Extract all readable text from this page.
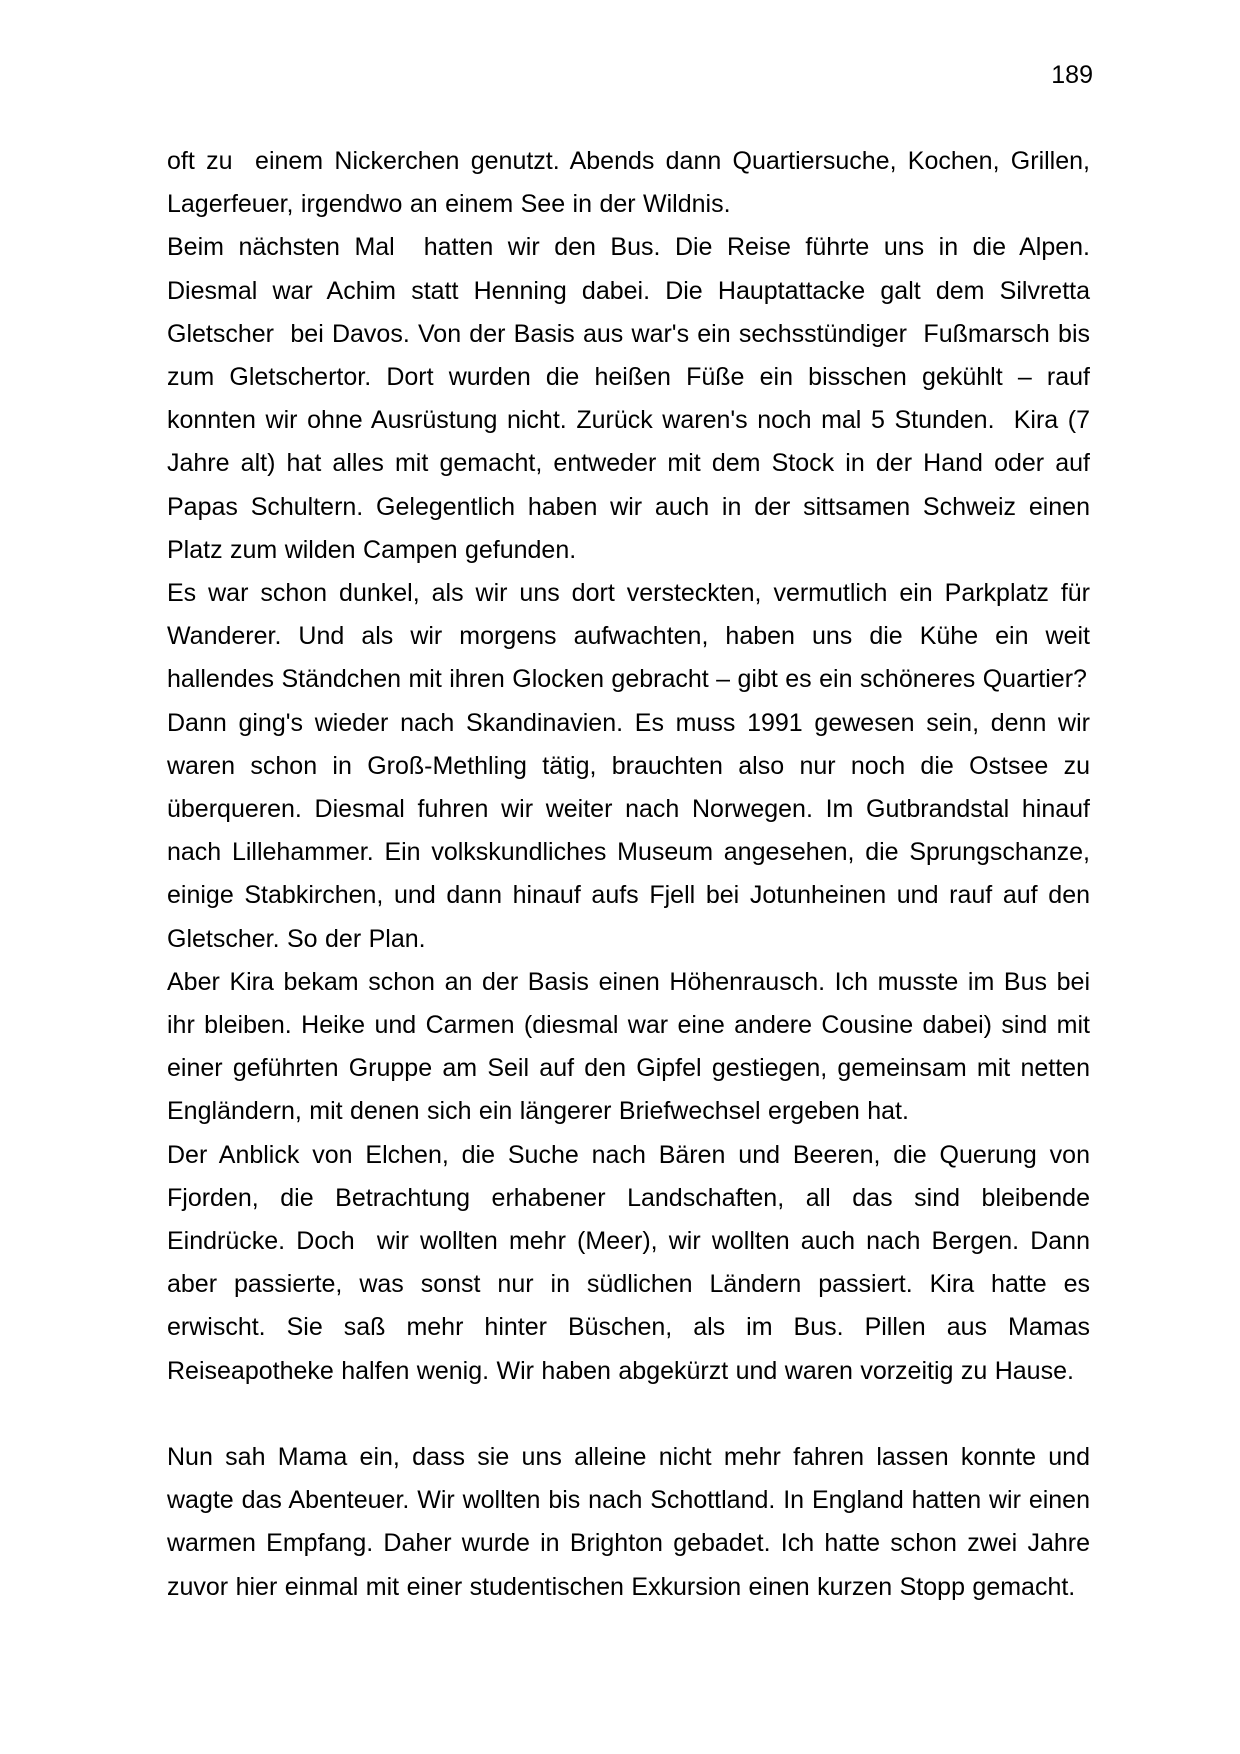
189

oft zu  einem Nickerchen genutzt. Abends dann Quartiersuche, Kochen, Grillen, Lagerfeuer, irgendwo an einem See in der Wildnis.

Beim nächsten Mal  hatten wir den Bus. Die Reise führte uns in die Alpen.  Diesmal war Achim statt Henning dabei. Die Hauptattacke galt dem Silvretta Gletscher  bei Davos. Von der Basis aus war's ein sechsstündiger  Fußmarsch bis zum Gletschertor. Dort wurden die heißen Füße ein bisschen gekühlt – rauf konnten wir ohne Ausrüstung nicht. Zurück waren's noch mal 5 Stunden.  Kira (7 Jahre alt) hat alles mit gemacht, entweder mit dem Stock in der Hand oder auf Papas Schultern. Gelegentlich haben wir auch in der sittsamen Schweiz einen Platz zum wilden Campen gefunden.

Es war schon dunkel, als wir uns dort versteckten, vermutlich ein Parkplatz für Wanderer. Und als wir morgens aufwachten, haben uns die Kühe ein weit hallendes Ständchen mit ihren Glocken gebracht – gibt es ein schöneres Quartier?

Dann ging's wieder nach Skandinavien. Es muss 1991 gewesen sein, denn wir waren schon in Groß-Methling tätig, brauchten also nur noch die Ostsee zu überqueren. Diesmal fuhren wir weiter nach Norwegen. Im Gutbrandstal hinauf nach Lillehammer. Ein volkskundliches Museum angesehen, die Sprungschanze, einige Stabkirchen, und dann hinauf aufs Fjell bei Jotunheinen und rauf auf den Gletscher. So der Plan.

Aber Kira bekam schon an der Basis einen Höhenrausch. Ich musste im Bus bei ihr bleiben. Heike und Carmen (diesmal war eine andere Cousine dabei) sind mit einer geführten Gruppe am Seil auf den Gipfel gestiegen, gemeinsam mit netten Engländern, mit denen sich ein längerer Briefwechsel ergeben hat.

Der Anblick von Elchen, die Suche nach Bären und Beeren, die Querung von Fjorden, die Betrachtung erhabener Landschaften, all das sind bleibende Eindrücke. Doch  wir wollten mehr (Meer), wir wollten auch nach Bergen. Dann aber passierte, was sonst nur in südlichen Ländern passiert. Kira hatte es erwischt. Sie saß mehr hinter Büschen, als im Bus. Pillen aus Mamas Reiseapotheke halfen wenig. Wir haben abgekürzt und waren vorzeitig zu Hause.

Nun sah Mama ein, dass sie uns alleine nicht mehr fahren lassen konnte und wagte das Abenteuer. Wir wollten bis nach Schottland. In England hatten wir einen warmen Empfang. Daher wurde in Brighton gebadet. Ich hatte schon zwei Jahre zuvor hier einmal mit einer studentischen Exkursion einen kurzen Stopp gemacht.
